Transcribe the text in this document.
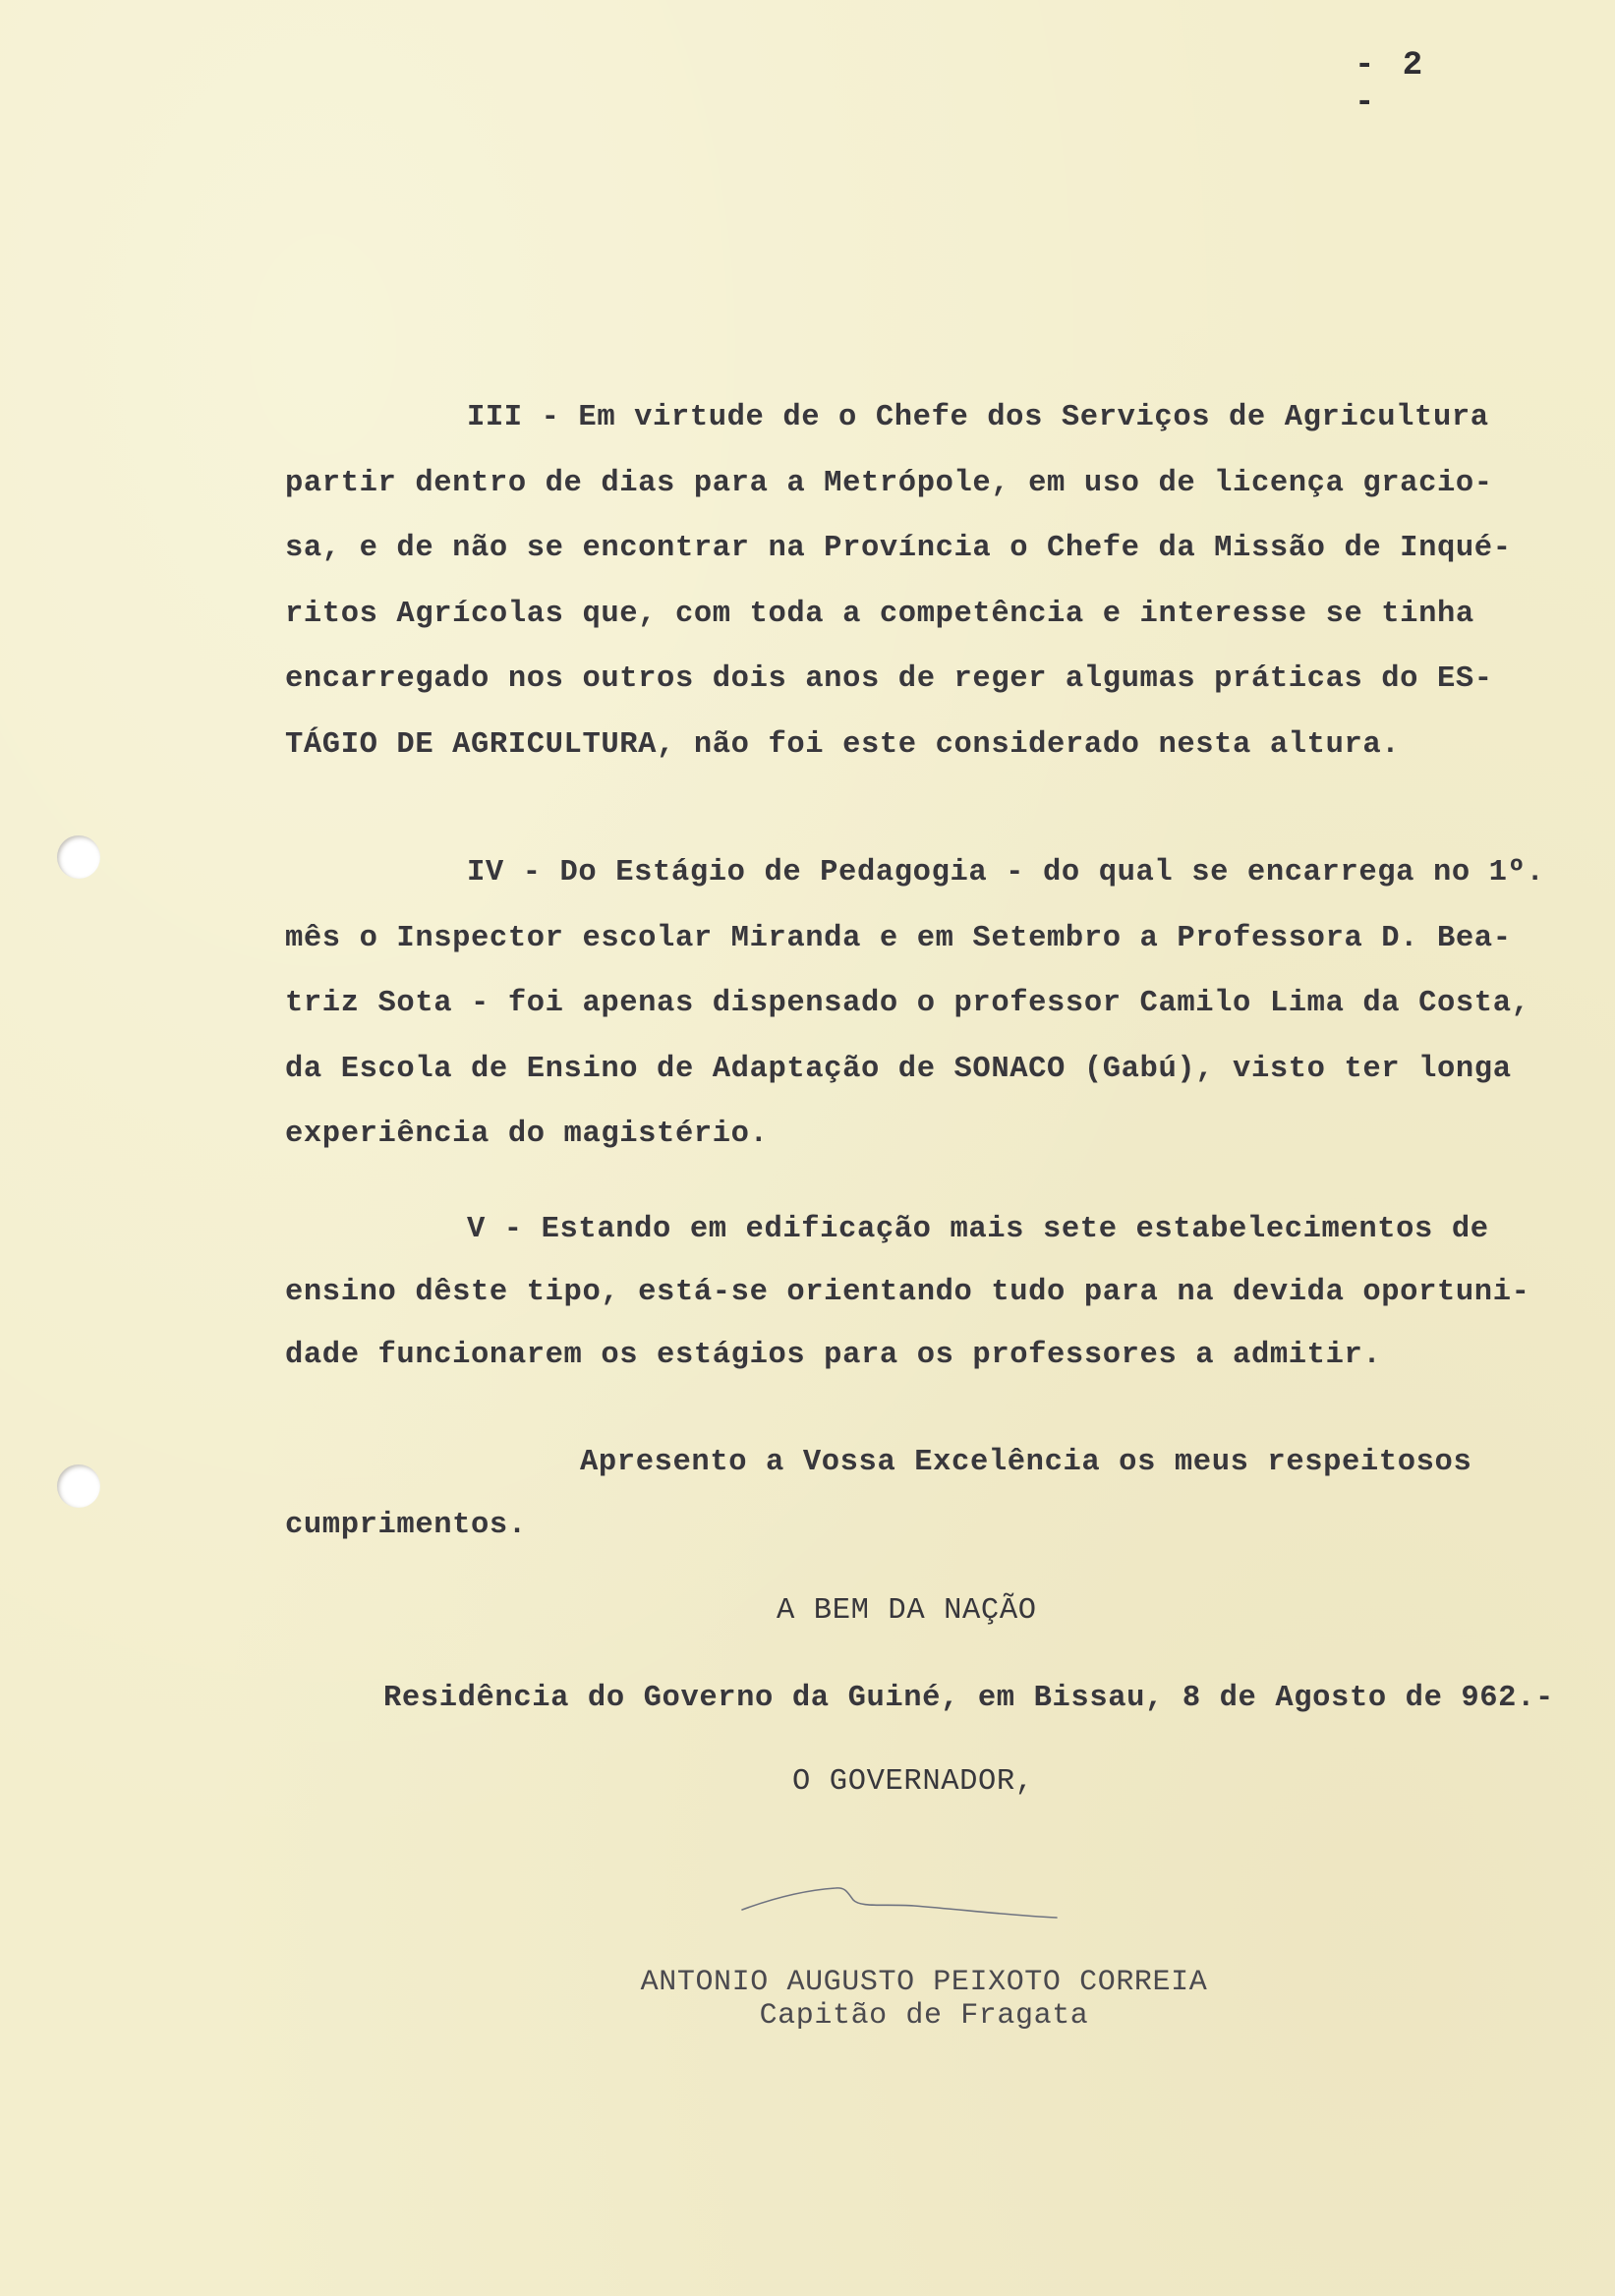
- 2 -
III - Em virtude de o Chefe dos Serviços de Agricultura
partir dentro de dias para a Metrópole, em uso de licença gracio-
sa, e de não se encontrar na Província o Chefe da Missão de Inqué-
ritos Agrícolas que, com toda a competência e interesse se tinha
encarregado nos outros dois anos de reger algumas práticas do ES-
TÁGIO DE AGRICULTURA, não foi este considerado nesta altura.
IV - Do Estágio de Pedagogia - do qual se encarrega no 1º.
mês o Inspector escolar Miranda e em Setembro a Professora D. Bea-
triz Sota - foi apenas dispensado o professor Camilo Lima da Costa,
da Escola de Ensino de Adaptação de SONACO (Gabú), visto ter longa
experiência do magistério.
V - Estando em edificação mais sete estabelecimentos de
ensino dêste tipo, está-se orientando tudo para na devida oportuni-
dade funcionarem os estágios para os professores a admitir.
Apresento a Vossa Excelência os meus respeitosos
cumprimentos.
A BEM DA NAÇÃO
Residência do Governo da Guiné, em Bissau, 8 de Agosto de 962.-
O GOVERNADOR,
ANTONIO AUGUSTO PEIXOTO CORREIA
Capitão de Fragata
